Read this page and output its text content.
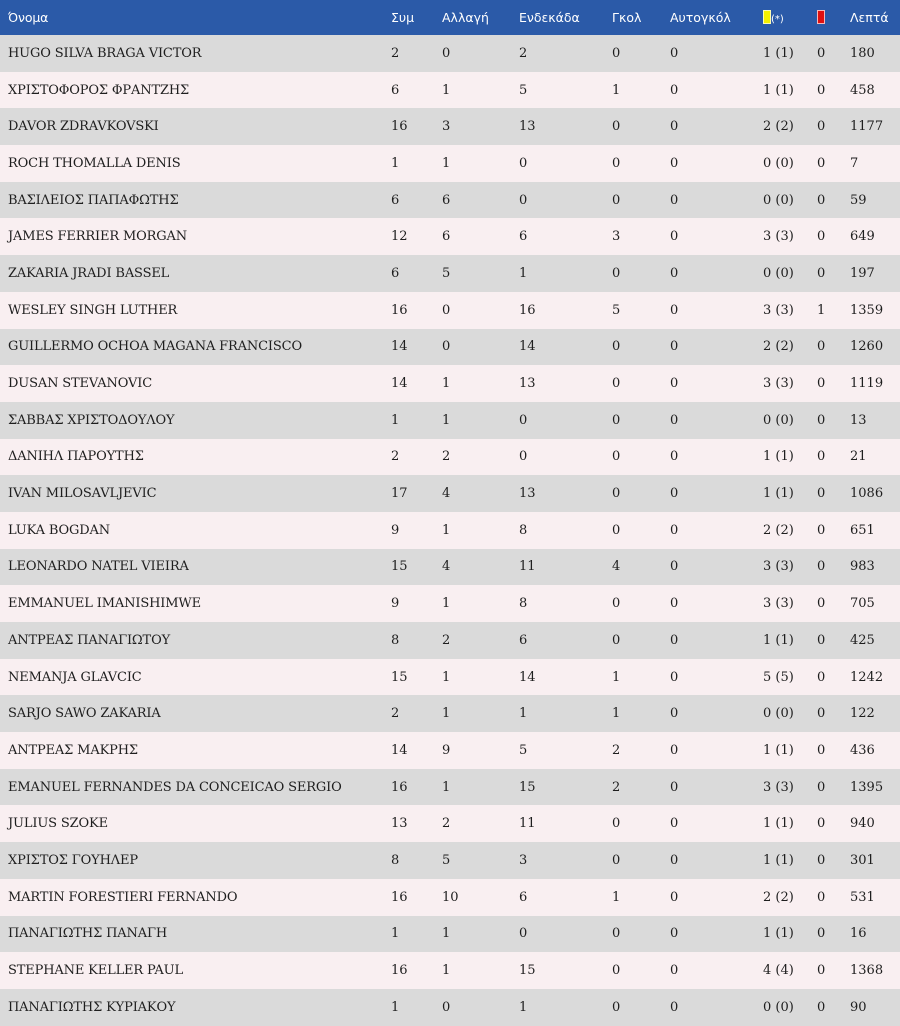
Όνομα	Συμ	Αλλαγή	Ενδεκάδα	Γκολ	Αυτογκόλ	(*)		Λεπτά
HUGO SILVA BRAGA VICTOR	2	0	2	0	0	1 (1)	0	180
ΧΡΙΣΤΟΦΟΡΟΣ ΦΡΑΝΤΖΗΣ	6	1	5	1	0	1 (1)	0	458
DAVOR ZDRAVKOVSKI	16	3	13	0	0	2 (2)	0	1177
ROCH THOMALLA DENIS	1	1	0	0	0	0 (0)	0	7
ΒΑΣΙΛΕΙΟΣ ΠΑΠΑΦΩΤΗΣ	6	6	0	0	0	0 (0)	0	59
JAMES FERRIER MORGAN	12	6	6	3	0	3 (3)	0	649
ZAKARIA JRADI BASSEL	6	5	1	0	0	0 (0)	0	197
WESLEY SINGH LUTHER	16	0	16	5	0	3 (3)	1	1359
GUILLERMO OCHOA MAGANA FRANCISCO	14	0	14	0	0	2 (2)	0	1260
DUSAN STEVANOVIC	14	1	13	0	0	3 (3)	0	1119
ΣΑΒΒΑΣ ΧΡΙΣΤΟΔΟΥΛΟΥ	1	1	0	0	0	0 (0)	0	13
ΔΑΝΙΗΛ ΠΑΡΟΥΤΗΣ	2	2	0	0	0	1 (1)	0	21
IVAN MILOSAVLJEVIC	17	4	13	0	0	1 (1)	0	1086
LUKA BOGDAN	9	1	8	0	0	2 (2)	0	651
LEONARDO NATEL VIEIRA	15	4	11	4	0	3 (3)	0	983
EMMANUEL IMANISHIMWE	9	1	8	0	0	3 (3)	0	705
ΑΝΤΡΕΑΣ ΠΑΝΑΓΙΩΤΟΥ	8	2	6	0	0	1 (1)	0	425
NEMANJA GLAVCIC	15	1	14	1	0	5 (5)	0	1242
SARJO SAWO ZAKARIA	2	1	1	1	0	0 (0)	0	122
ΑΝΤΡΕΑΣ ΜΑΚΡΗΣ	14	9	5	2	0	1 (1)	0	436
EMANUEL FERNANDES DA CONCEICAO SERGIO	16	1	15	2	0	3 (3)	0	1395
JULIUS SZOKE	13	2	11	0	0	1 (1)	0	940
ΧΡΙΣΤΟΣ ΓΟΥΗΛΕΡ	8	5	3	0	0	1 (1)	0	301
MARTIN FORESTIERI FERNANDO	16	10	6	1	0	2 (2)	0	531
ΠΑΝΑΓΙΩΤΗΣ ΠΑΝΑΓΗ	1	1	0	0	0	1 (1)	0	16
STEPHANE KELLER PAUL	16	1	15	0	0	4 (4)	0	1368
ΠΑΝΑΓΙΩΤΗΣ ΚΥΡΙΑΚΟΥ	1	0	1	0	0	0 (0)	0	90
